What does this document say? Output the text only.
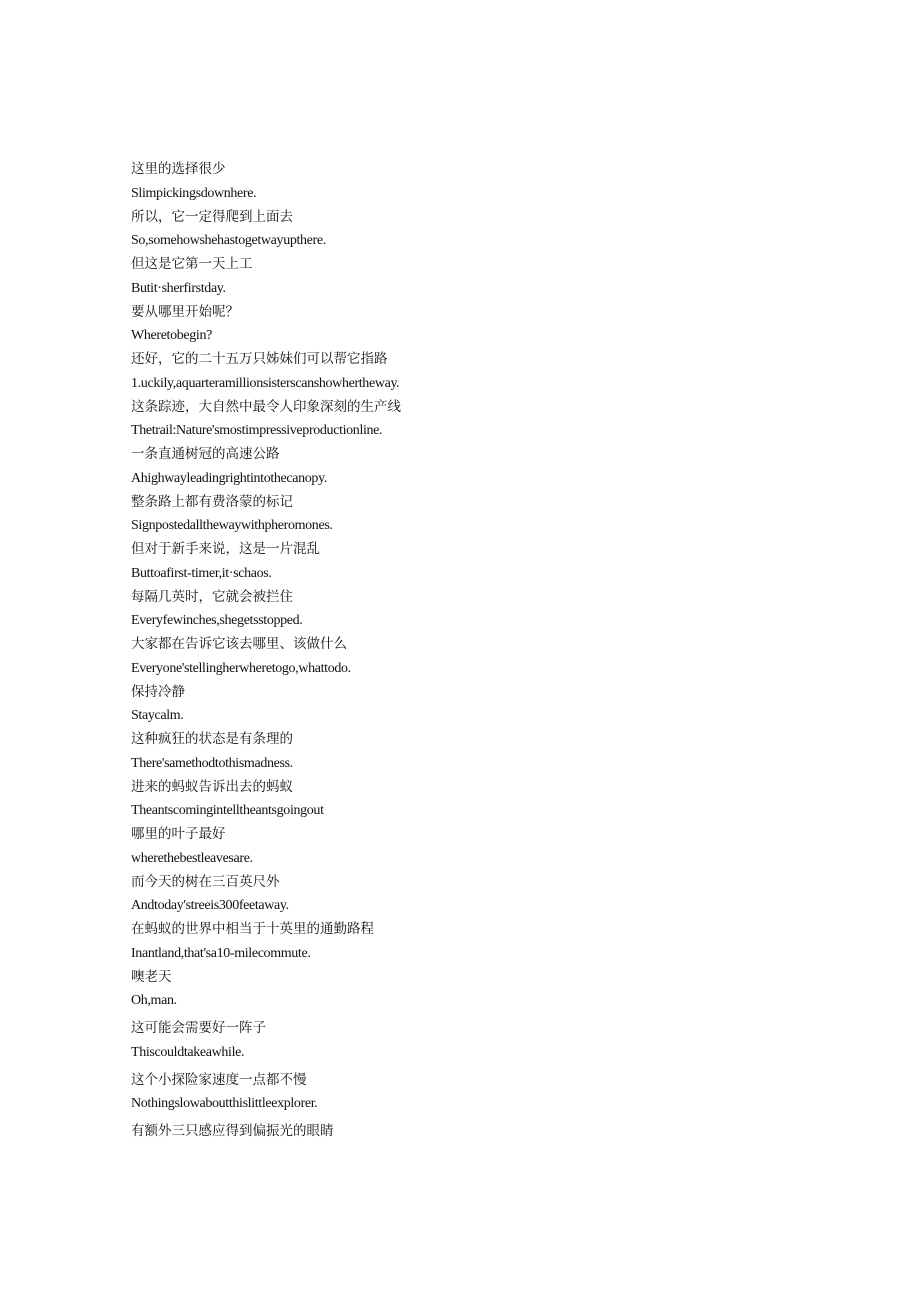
这里的选择很少
Slimpickingsdownhere.
所以，它一定得爬到上面去
So,somehowshehastogetwayupthere.
但这是它第一天上工
Butit·sherfirstday.
要从哪里开始呢？
Wheretobegin?
还好，它的二十五万只姊妹们可以帮它指路
1.uckily,aquarteramillionsisterscanshowhertheway.
这条踪迹，大自然中最令人印象深刻的生产线
Thetrail:Nature'smostimpressiveproductionline.
一条直通树冠的高速公路
Ahighwayleadingrightintothecanopy.
整条路上都有费洛蒙的标记
Signpostedallthewaywithpheromones.
但对于新手来说，这是一片混乱
Buttoafirst-timer,it·schaos.
每隔几英时，它就会被拦住
Everyfewinches,shegetsstopped.
大家都在告诉它该去哪里、该做什么
Everyone'stellingherwheretogo,whattodo.
保持冷静
Staycalm.
这种疯狂的状态是有条理的
There'samethodtothismadness.
进来的蚂蚁告诉出去的蚂蚁
Theantscomingintelltheantsgoingout
哪里的叶子最好
wherethebestleavesare.
而今天的树在三百英尺外
Andtoday'streeis300feetaway.
在蚂蚁的世界中相当于十英里的通勤路程
Inantland,that'sa10-milecommute.
噢老天
Oh,man.
这可能会需要好一阵子
Thiscouldtakeawhile.
这个小探险家速度一点都不慢
Nothingslowaboutthislittleexplorer.
有额外三只感应得到偏振光的眼睛
